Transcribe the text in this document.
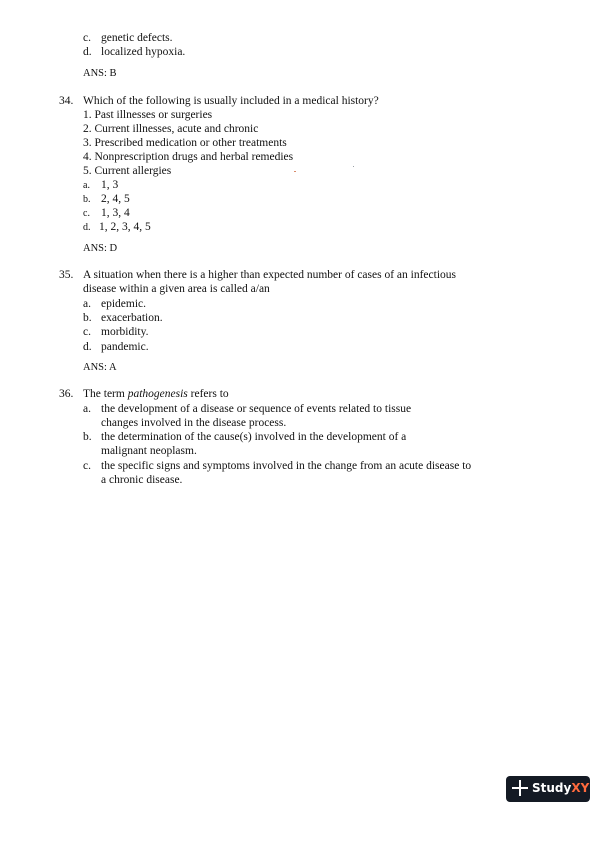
c. genetic defects.
d. localized hypoxia.
ANS: B
34. Which of the following is usually included in a medical history?
1. Past illnesses or surgeries
2. Current illnesses, acute and chronic
3. Prescribed medication or other treatments
4. Nonprescription drugs and herbal remedies
5. Current allergies
a. 1, 3
b. 2, 4, 5
c. 1, 3, 4
d. 1, 2, 3, 4, 5
ANS: D
35. A situation when there is a higher than expected number of cases of an infectious
disease within a given area is called a/an
a. epidemic.
b. exacerbation.
c. morbidity.
d. pandemic.
ANS: A
36. The term pathogenesis refers to
a. the development of a disease or sequence of events related to tissue
changes involved in the disease process.
b. the determination of the cause(s) involved in the development of a
malignant neoplasm.
c. the specific signs and symptoms involved in the change from an acute disease to
a chronic disease.
StudyXY
